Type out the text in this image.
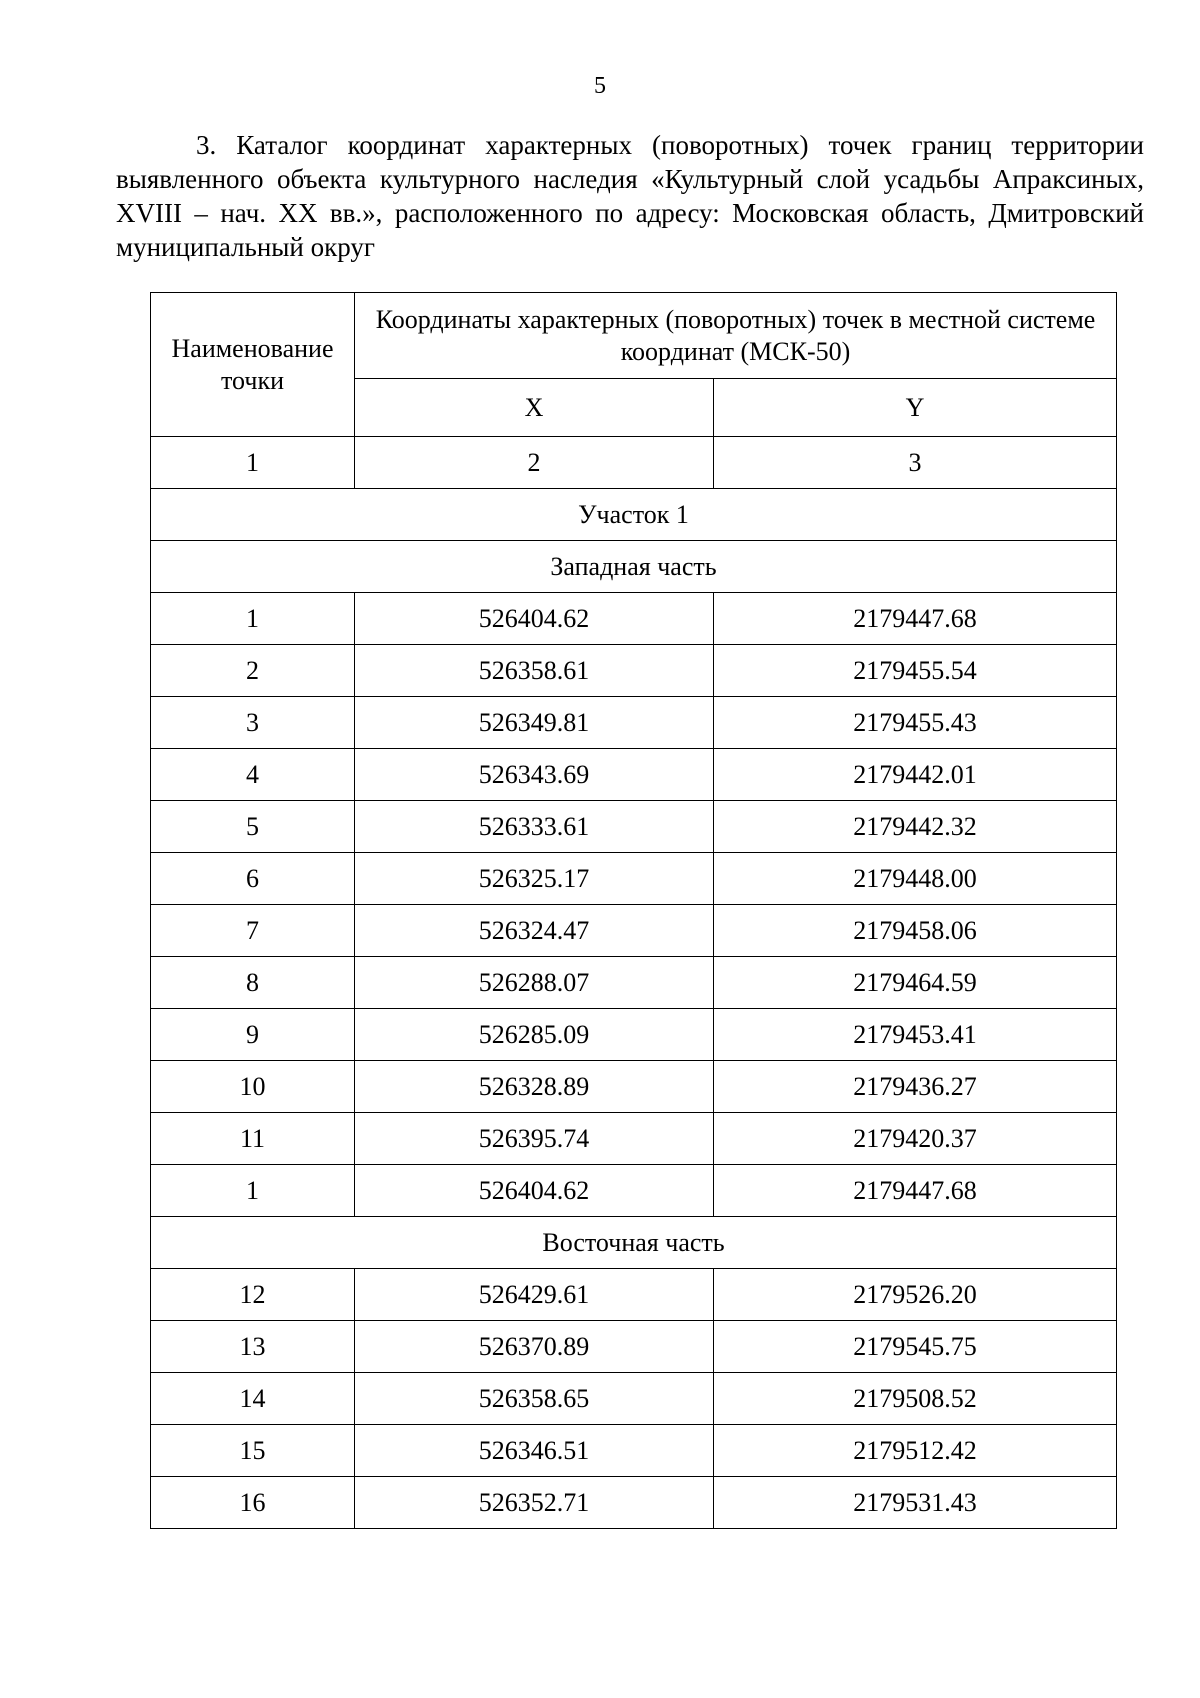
5

3. Каталог координат характерных (поворотных) точек границ территории выявленного объекта культурного наследия «Культурный слой усадьбы Апраксиных, XVIII – нач. XX вв.», расположенного по адресу: Московская область, Дмитровский муниципальный округ

Наименование точки	Координаты характерных (поворотных) точек в местной системе координат (МСК-50)	
	X	Y
1	2	3
Участок 1		
Западная часть		
1	526404.62	2179447.68
2	526358.61	2179455.54
3	526349.81	2179455.43
4	526343.69	2179442.01
5	526333.61	2179442.32
6	526325.17	2179448.00
7	526324.47	2179458.06
8	526288.07	2179464.59
9	526285.09	2179453.41
10	526328.89	2179436.27
11	526395.74	2179420.37
1	526404.62	2179447.68
Восточная часть		
12	526429.61	2179526.20
13	526370.89	2179545.75
14	526358.65	2179508.52
15	526346.51	2179512.42
16	526352.71	2179531.43
